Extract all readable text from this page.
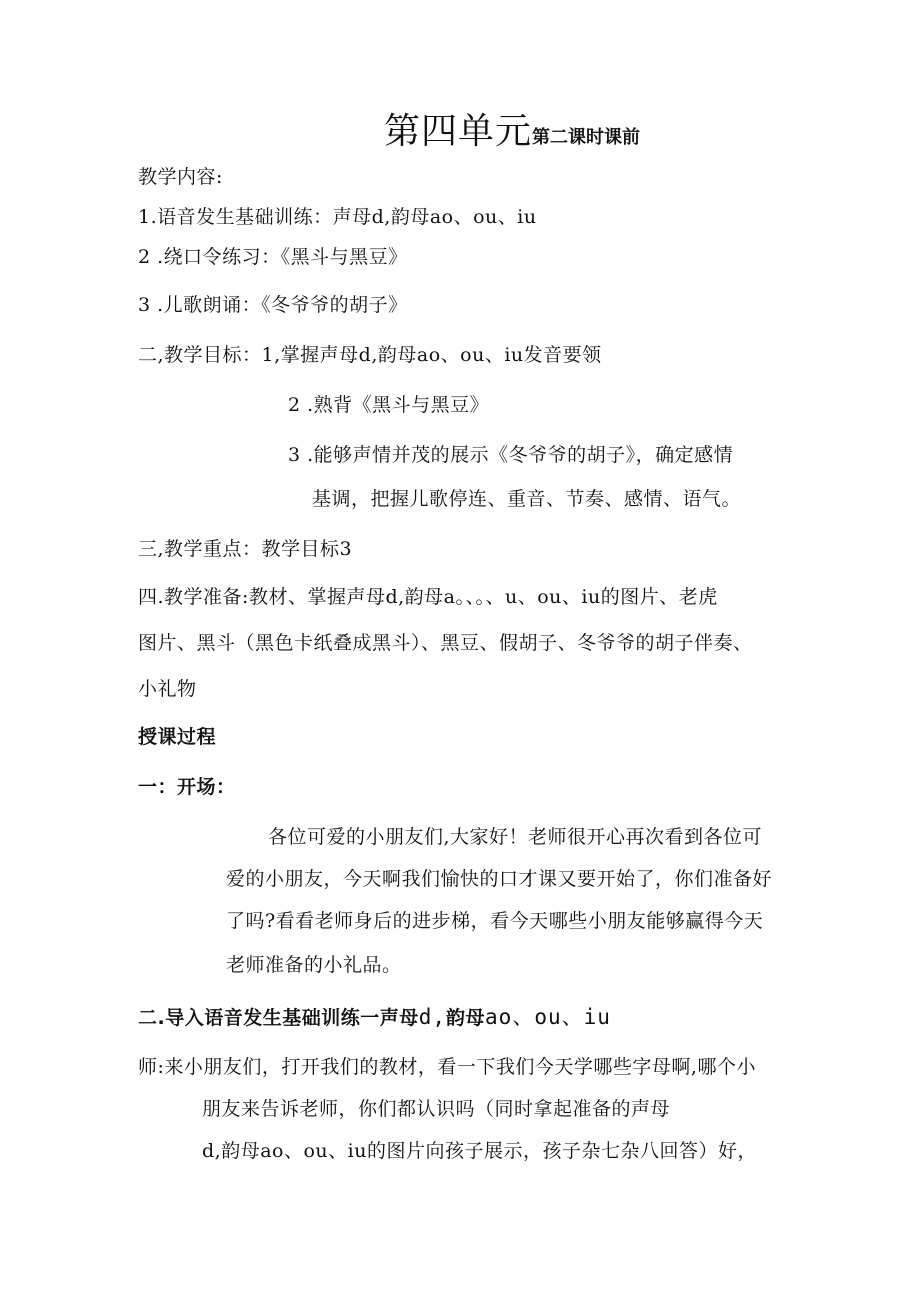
第四单元第二课时课前
教学内容:
1.语音发生基础训练：声母d,韵母ao、ou、iu
2 .绕口令练习：《黑斗与黑豆》
3 .儿歌朗诵：《冬爷爷的胡子》
二,教学目标：1,掌握声母d,韵母ao、ou、iu发音要领
2 .熟背《黑斗与黑豆》
3 .能够声情并茂的展示《冬爷爷的胡子》，确定感情
基调，把握儿歌停连、重音、节奏、感情、语气。
三,教学重点：教学目标3
四.教学准备:教材、掌握声母d,韵母a。、。、u、ou、iu的图片、老虎
图片、黑斗（黑色卡纸叠成黑斗）、黑豆、假胡子、冬爷爷的胡子伴奏、
小礼物
授课过程
一：开场：
各位可爱的小朋友们,大家好！老师很开心再次看到各位可
爱的小朋友，今天啊我们愉快的口才课又要开始了，你们准备好
了吗?看看老师身后的进步梯，看今天哪些小朋友能够赢得今天
老师准备的小礼品。
二.导入语音发生基础训练一声母d,韵母ao、ou、iu
师:来小朋友们，打开我们的教材，看一下我们今天学哪些字母啊,哪个小
朋友来告诉老师，你们都认识吗（同时拿起准备的声母
d,韵母ao、ou、iu的图片向孩子展示，孩子杂七杂八回答）好，
